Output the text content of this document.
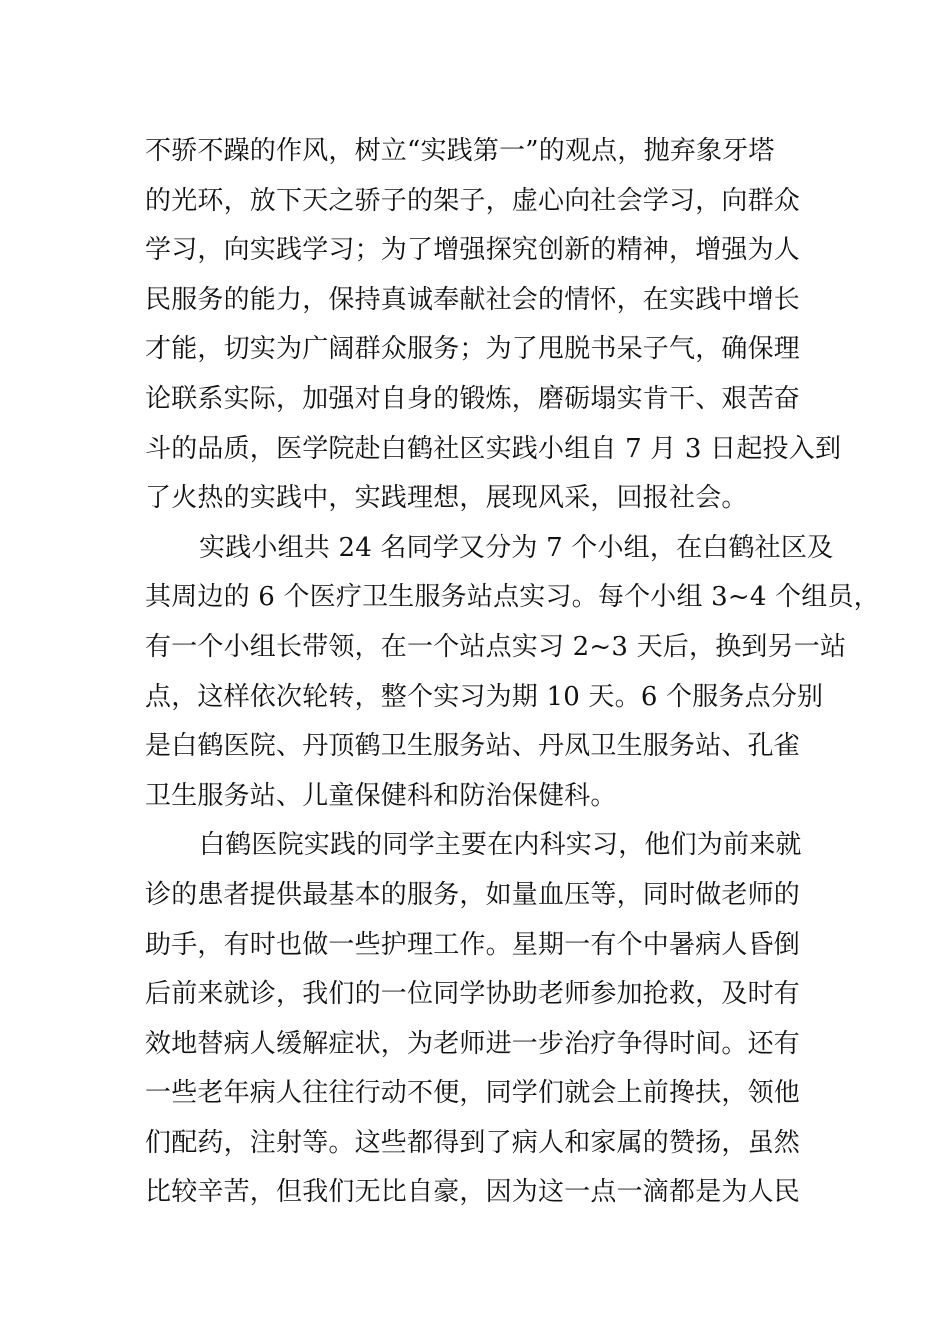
不骄不躁的作风，树立“实践第一”的观点，抛弃象牙塔
的光环，放下天之骄子的架子，虚心向社会学习，向群众
学习，向实践学习；为了增强探究创新的精神，增强为人
民服务的能力，保持真诚奉献社会的情怀，在实践中增长
才能，切实为广阔群众服务；为了甩脱书呆子气，确保理
论联系实际，加强对自身的锻炼，磨砺塌实肯干、艰苦奋
斗的品质，医学院赴白鹤社区实践小组自 7 月 3 日起投入到
了火热的实践中，实践理想，展现风采，回报社会。
实践小组共 24 名同学又分为 7 个小组，在白鹤社区及
其周边的 6 个医疗卫生服务站点实习。每个小组 3~4 个组员，
有一个小组长带领，在一个站点实习 2~3 天后，换到另一站
点，这样依次轮转，整个实习为期 10 天。6 个服务点分别
是白鹤医院、丹顶鹤卫生服务站、丹凤卫生服务站、孔雀
卫生服务站、儿童保健科和防治保健科。
白鹤医院实践的同学主要在内科实习，他们为前来就
诊的患者提供最基本的服务，如量血压等，同时做老师的
助手，有时也做一些护理工作。星期一有个中暑病人昏倒
后前来就诊，我们的一位同学协助老师参加抢救，及时有
效地替病人缓解症状，为老师进一步治疗争得时间。还有
一些老年病人往往行动不便，同学们就会上前搀扶，领他
们配药，注射等。这些都得到了病人和家属的赞扬，虽然
比较辛苦，但我们无比自豪，因为这一点一滴都是为人民
